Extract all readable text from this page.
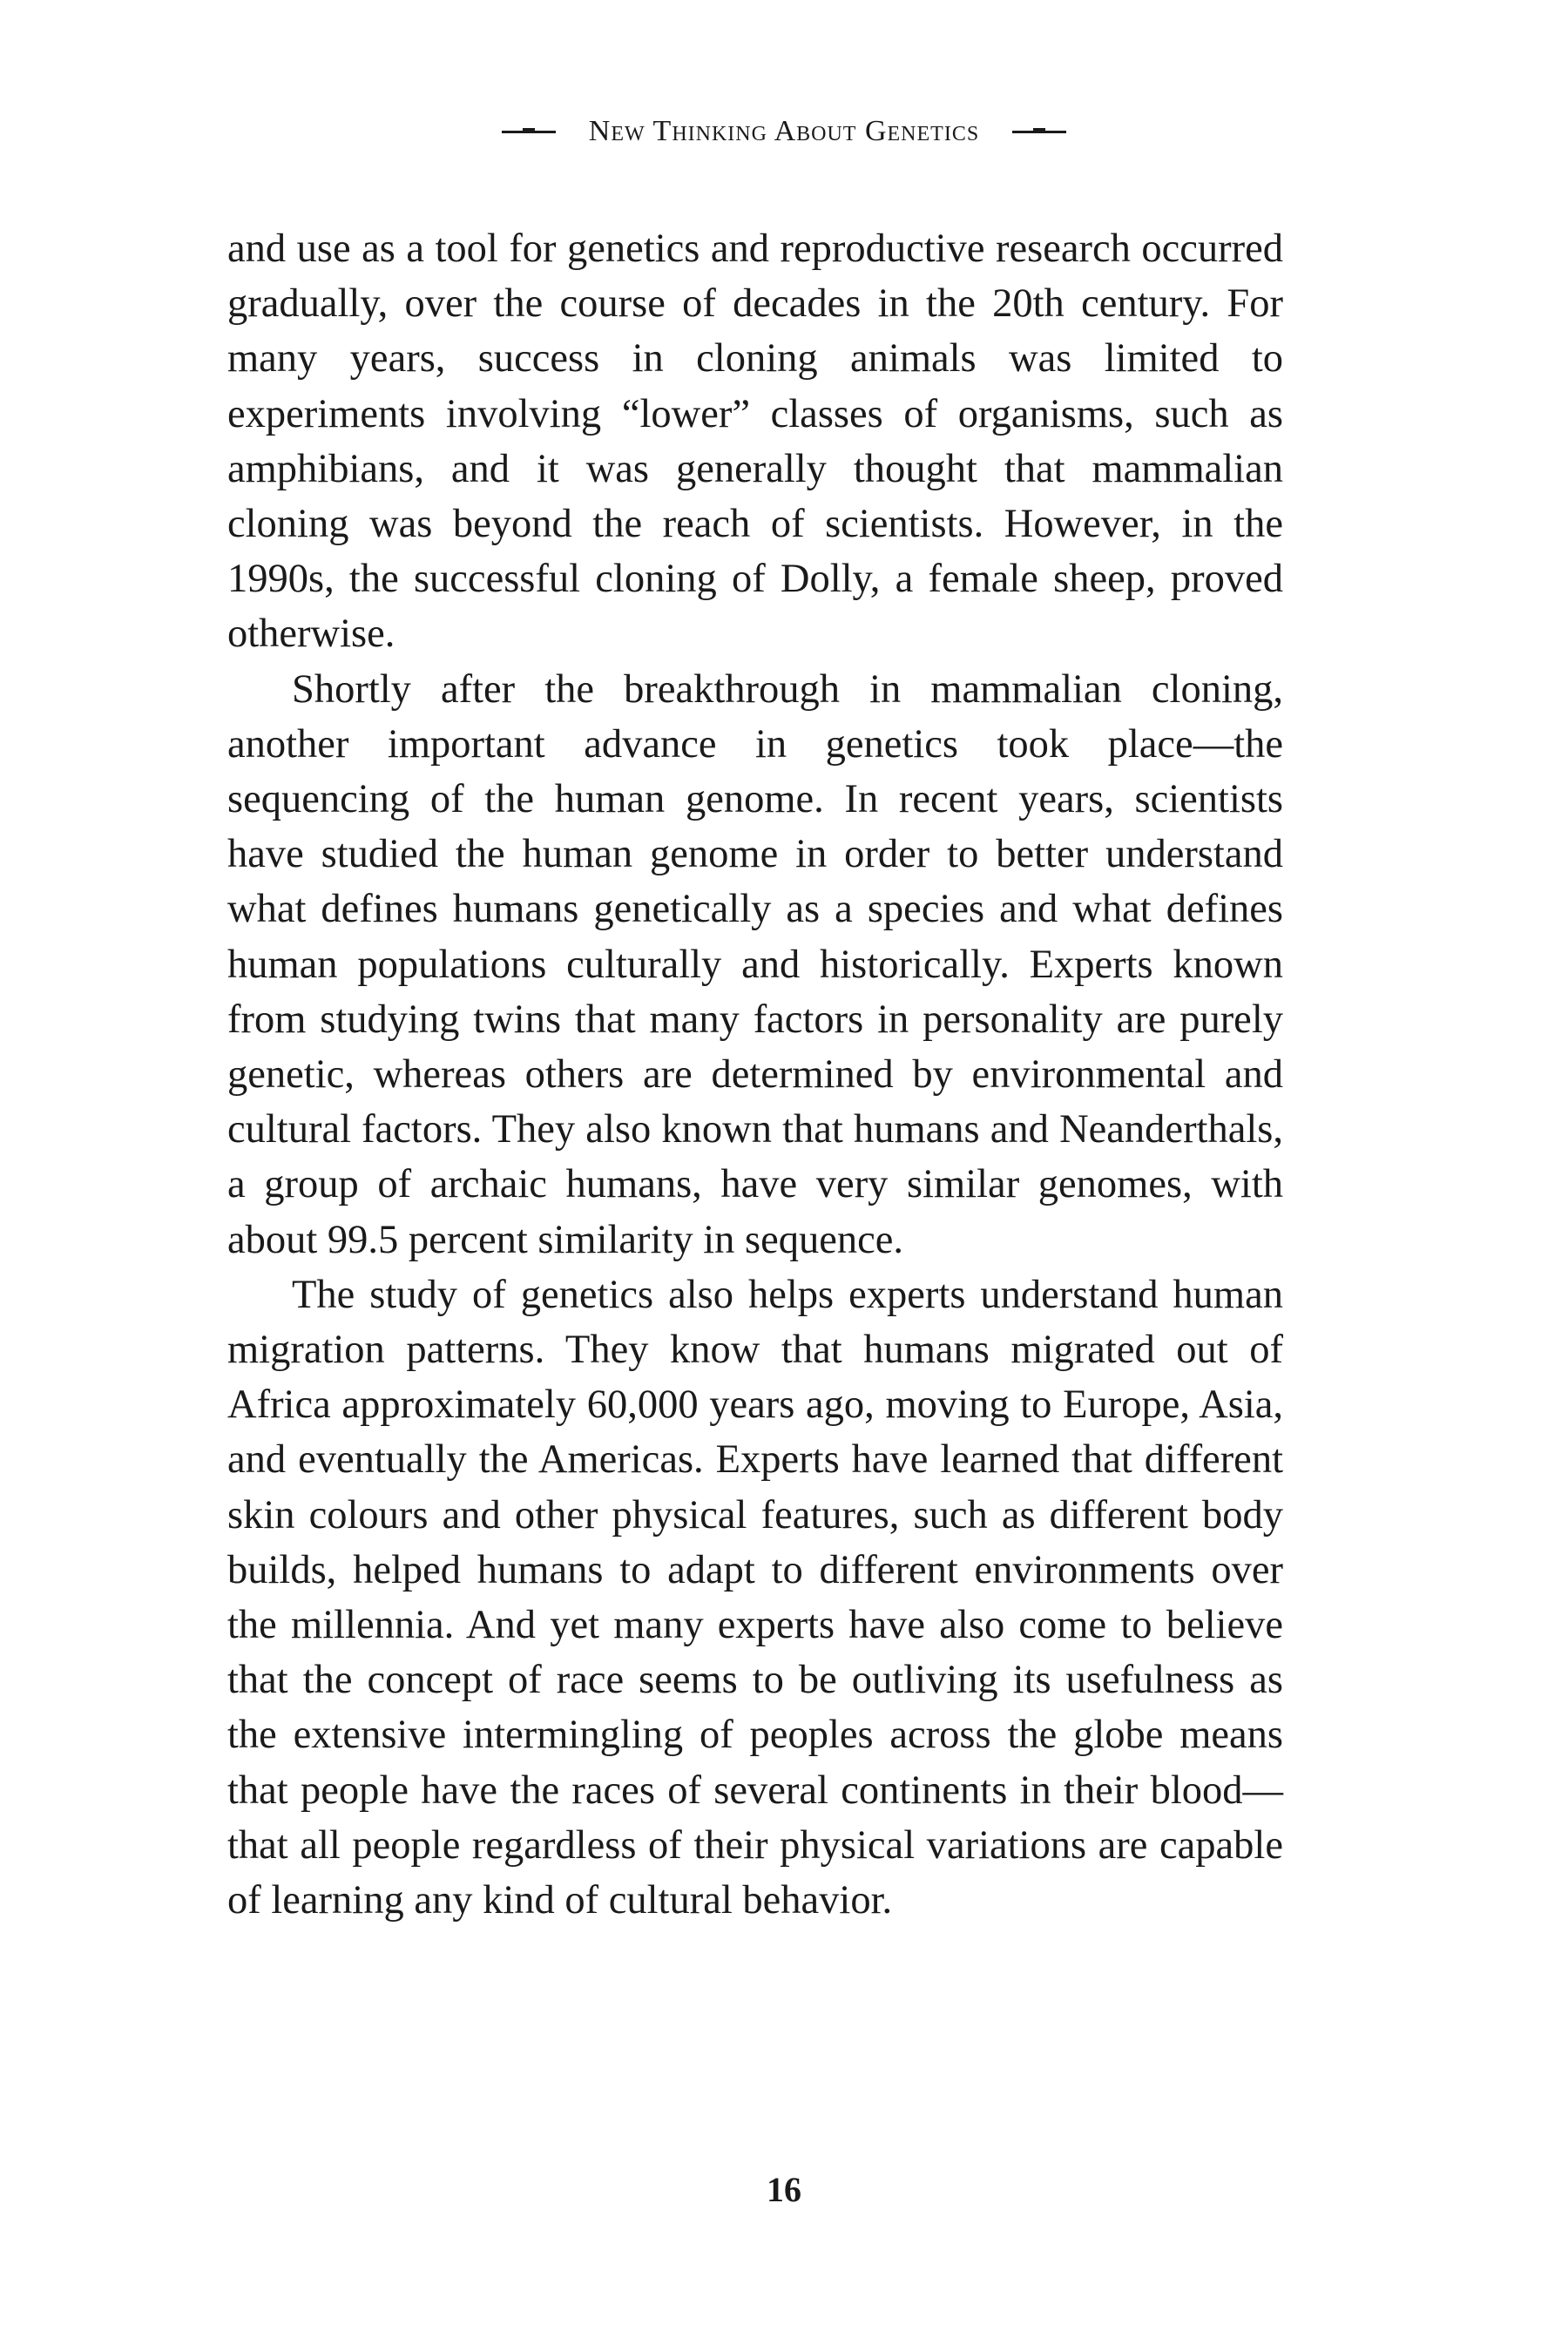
New Thinking About Genetics

and use as a tool for genetics and reproductive research occurred gradually, over the course of decades in the 20th century. For many years, success in cloning animals was limited to experiments involving “lower” classes of organisms, such as amphibians, and it was generally thought that mammalian cloning was beyond the reach of scientists. However, in the 1990s, the successful cloning of Dolly, a female sheep, proved otherwise.

Shortly after the breakthrough in mammalian cloning, another important advance in genetics took place—the sequencing of the human genome. In recent years, scientists have studied the human genome in order to better understand what defines humans genetically as a species and what defines human populations culturally and historically. Experts known from studying twins that many factors in personality are purely genetic, whereas others are determined by environmental and cultural factors. They also known that humans and Neanderthals, a group of archaic humans, have very similar genomes, with about 99.5 percent similarity in sequence.

The study of genetics also helps experts understand human migration patterns. They know that humans migrated out of Africa approximately 60,000 years ago, moving to Europe, Asia, and eventually the Americas. Experts have learned that different skin colours and other physical features, such as different body builds, helped humans to adapt to different environments over the millennia. And yet many experts have also come to believe that the concept of race seems to be outliving its usefulness as the extensive intermingling of peoples across the globe means that people have the races of several continents in their blood—that all people regardless of their physical variations are capable of learning any kind of cultural behavior.

16
